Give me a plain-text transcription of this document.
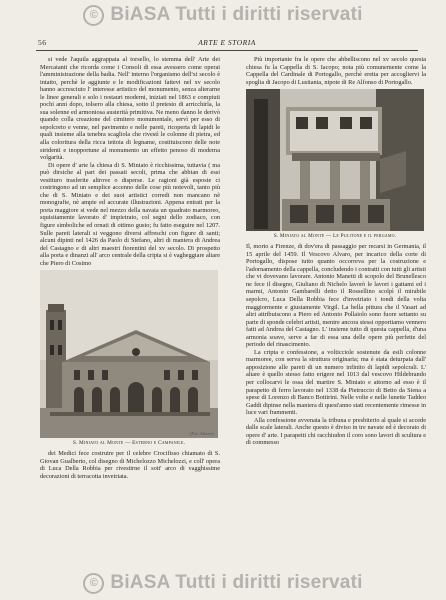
© BiASA Tutti i diritti riservati
56	ARTE E STORIA

si vede l'aquila aggrappata al torsello, lo stemma dell' Arte dei Mercatanti che ricorda come i Consoli di essa avessero come operai l'amministrazione della badia. Nell' interno l'organismo dell'xi secolo è intatto, perchè le aggiunte e le modificazioni fattevi nel xv secolo hanno accresciuto l' interesse artistico del monumento, senza alterarne le linee generali e solo i restauri moderni, iniziati nel 1863 e compiuti pochi anni dopo, tolsero alla chiesa, sotto il pretesto di arricchirla, la sua solenne ed armoniosa austerità primitiva. Ne meno danno le derivò quando colla creazione del cimitero monumentale, servì per esso di sepolcreto e venne, nel pavimento e nelle pareti, ricoperta di lapidi le quali insieme alla tenebra scagliola che rivestì le colonne di pietra, ed alla coloritura della ricca tettoia di legname, costituiscono delle note stridenti e inopportune al monumento un effetto penoso di moderna volgarità.

Di opere d' arte la chiesa di S. Miniato è ricchissima, tuttavia ( ma può dirsiche al pari dei passati secoli, prima che abbian di essi vestituro trasferite altrove o disperse. Le ragioni già esposte ci costringono ad un semplice accenno delle cose più notevoli, tanto più che di S. Miniato e dei suoi artistici corredi non mancano nè monografie, nè ampie ed accurate illustrazioni. Appena entrati per la porta maggiore si vede nel mezzo della navata un quadrato marmoreo, squisitamente lavorato d' impietrato, col segni dello zodiaco, con figure simboliche ed ornati di ottimo gusto; fu fatto eseguire nel 1207. Sulle pareti laterali si veggono diversi affreschi con figure di santi; alcuni dipinti nel 1426 da Paolo di Stefano, altri di maniera di Andrea del Castagno e di altri maestri fiorentini del xv secolo. Di prospetto alla porta e dinanzi all' arco centrale della cripta si è vagheggiare altare che Piero di Cosimo

(Fot. Alinari)
S. Miniato al Monte — Esterno e Campanile.

dei Medici fece costruire per il celebre Crocifisso chiamato di S. Giovan Gualberto, col disegno di Michelozzo Michelozzi, e coll' opera di Luca Della Robbia per rivestirne il sott' arco di vagghissime decorazioni di terracotta invetriata.

Più importante fra le opere che abbelliscono nel xv secolo questa chiesa fu la Cappella di S. Iacopo; nota più comunemente come la Cappella del Cardinale di Portogallo, perchè eretta per accogliervi la spoglia di Jacopo di Lusitania, nipote di Re Alfonso di Portogallo.

(Fot. Alinari)
S. Miniato al Monte — Le Pulitone e il pergamo.

Il, morto a Firenze, di dov'era di passaggio per recarsi in Germania, il 15 aprile del 1459. Il Vescovo Alvaro, per incarico della corte di Portogallo, dispose tutto quanto occorreva per la costruzione e l'adornamento della cappella, concludendo i contratti con tutti gli artisti che vi dovevano lavorare. Antonio Manetti di scopolo del Brunellesco ne fece il disegno, Giuliano di Nichelo lavorò le lavori i gattami ed i marmi, Antonio Gambarelli detto il Rossellino scolpì il mirabile sepolcro, Luca Della Robbia fece d'invetriato i tondi della volta maggiormente e giustamente Virgil. La bella pittura che il Vasari ad altri attribuiscono a Piero ed Antonio Pollaiolo sono fuore settanto su parte di sponde celebri artisti, mentre ancora stessi opportiamo vennero fatti ad Andrea del Castagno. L' insieme tutto di questa cappella, d'una armonia soave, serve a far di essa una delle opere più perfette del periodo del rinascimento.

La cripta e confessione, a volticciole sostenute da esili colonne marmoree, con serva la struttura originaria; ma è stata deturpata dall' apposizione alle pareti di un numero infinito di lapidi sepolcrali. L' altare è quello stesso fatto erigere nel 1013 dal vescovo Hildebrando per collocarvi le ossa del martire S. Miniato e attorno ad esso è il parapetto di ferro lavorato nel 1338 da Pietruccio di Betto da Siena a spese di Lorenzo di Banco Bottirini. Nelle volte e nelle lunette Taddeo Gaddi dipinse nella maniera di quest'anno stati recentemente rimesse in luce vari frammenti.

Alla confessione avvenata la tribuna e presbiterio al quale si accede dalle scale laterali. Anche questo è diviso in tre navate ed è decorato di opere d' arte. I parapetti chi racchiudon il coro sono lavori di scultura e di commesso

© BiASA Tutti i diritti riservati
